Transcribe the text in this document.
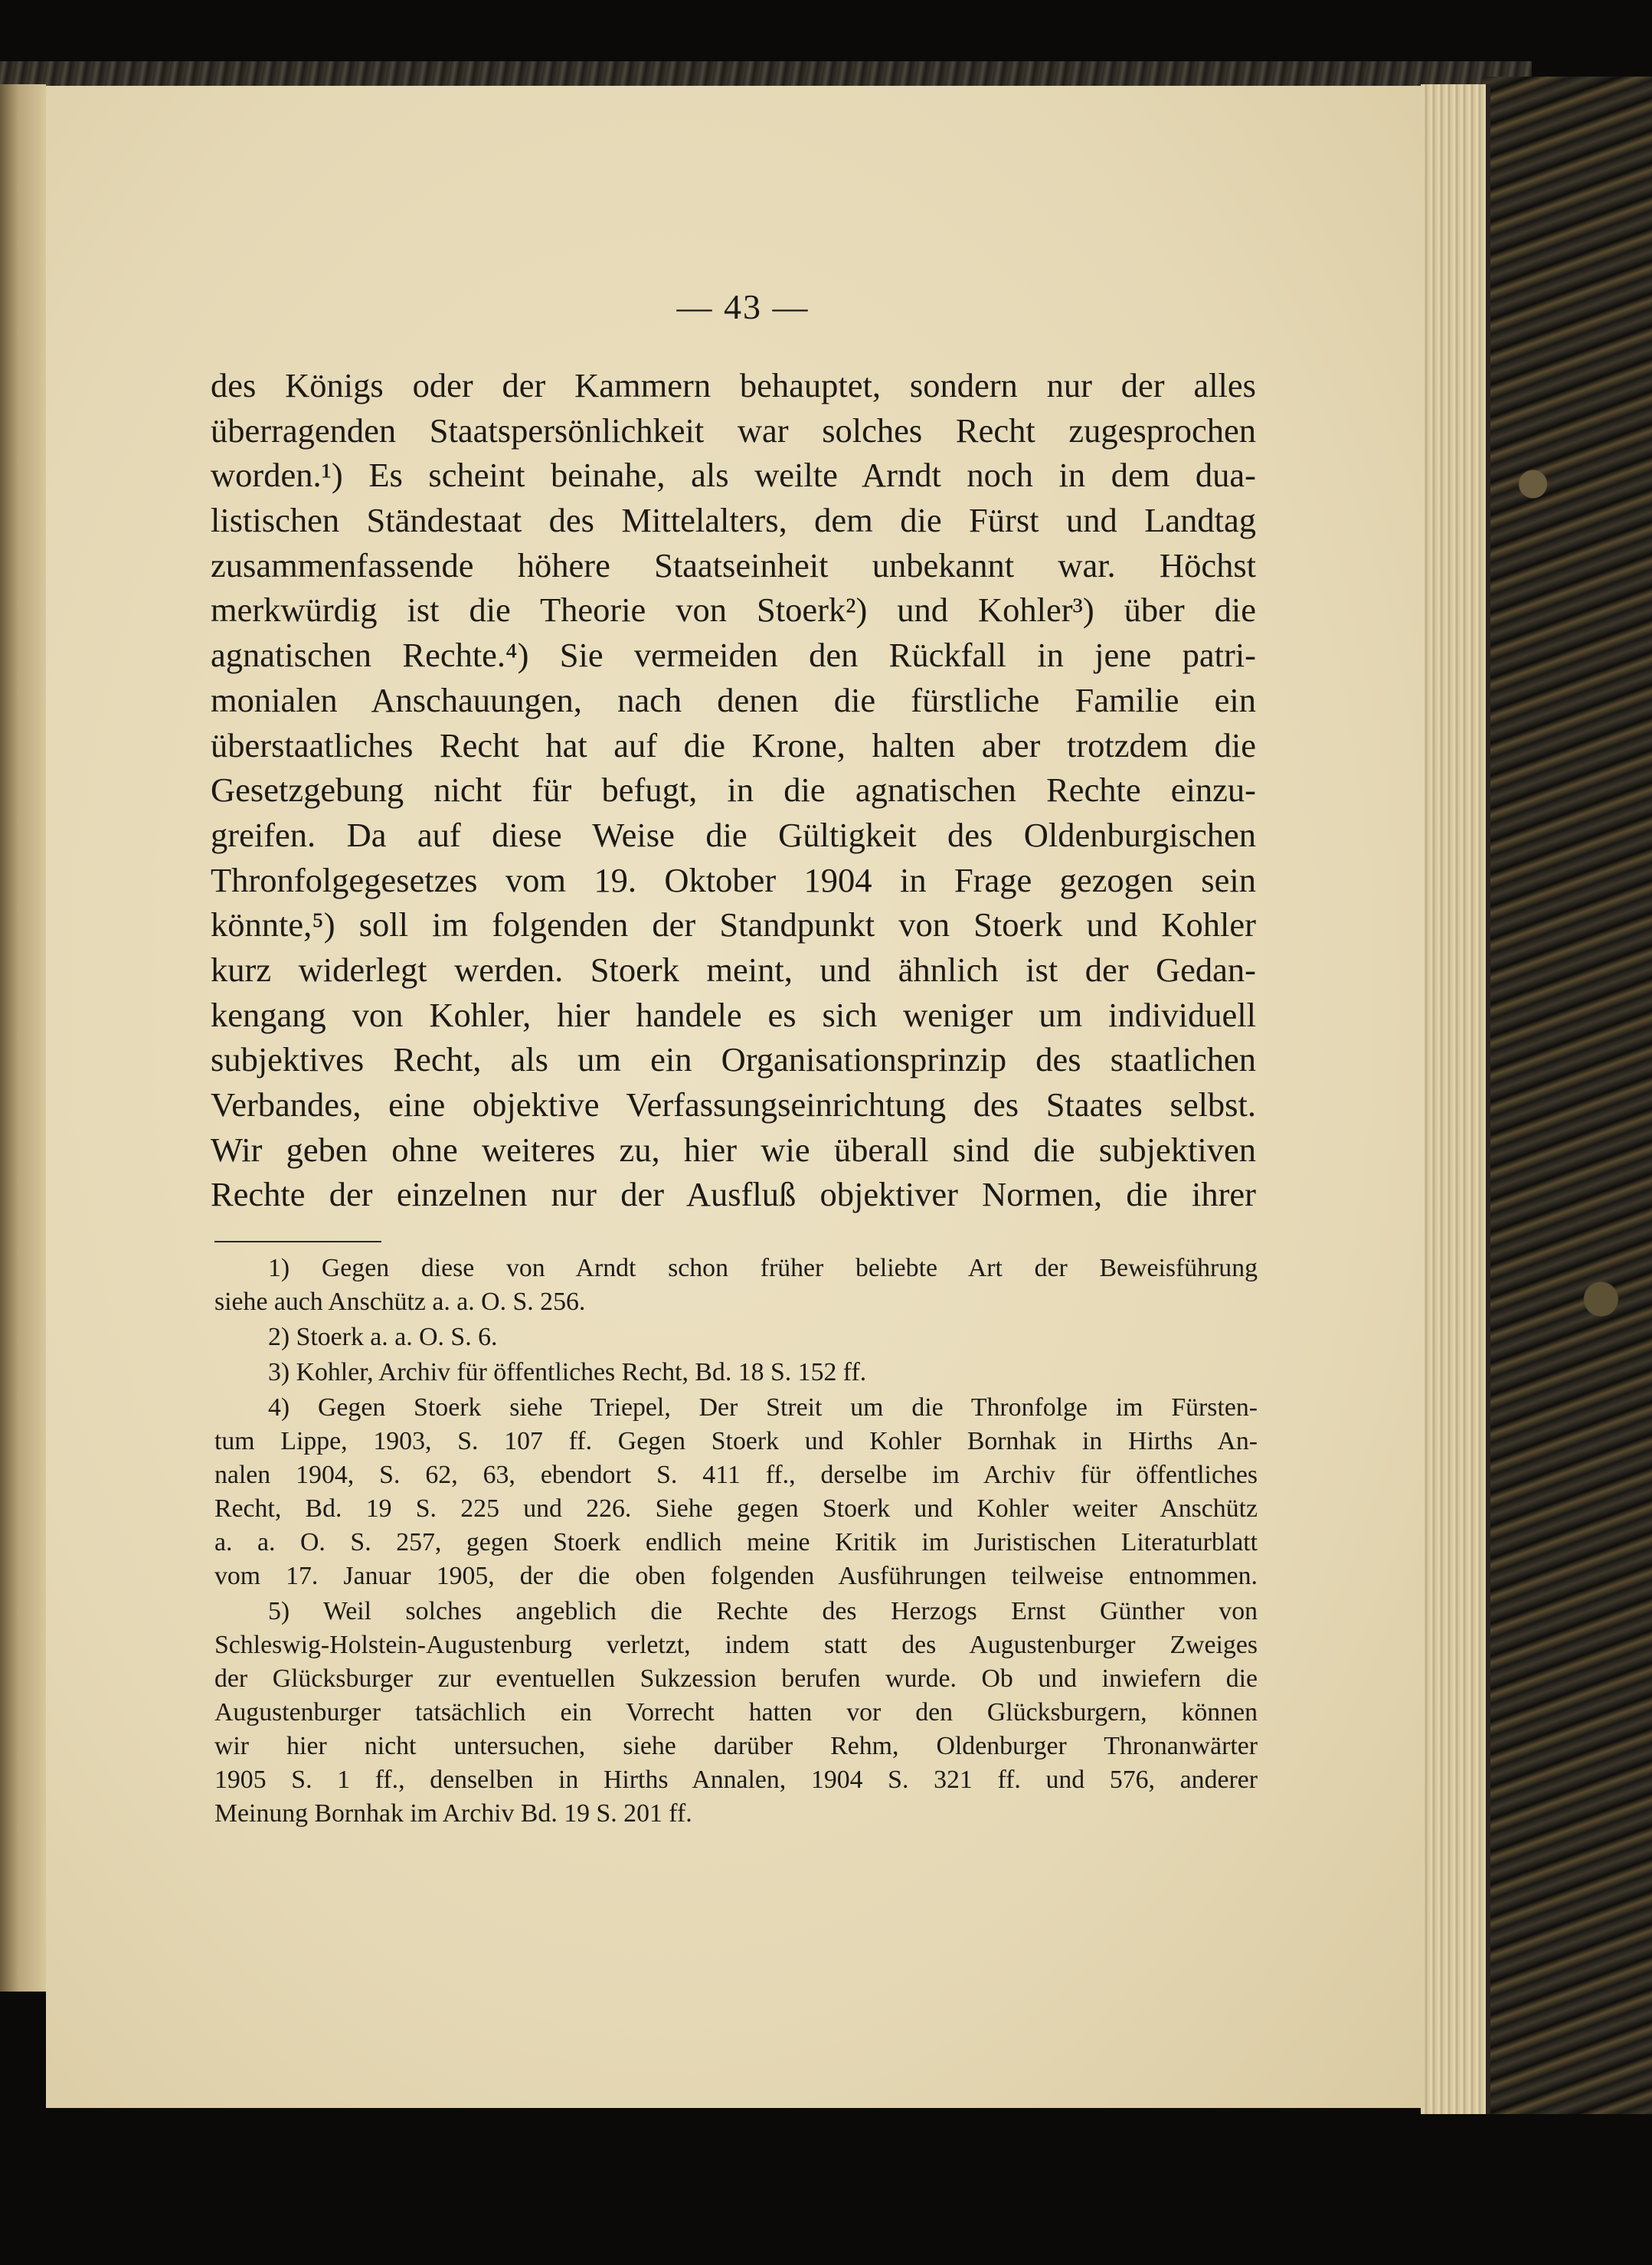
— 43 —
des Königs oder der Kammern behauptet, sondern nur der alles
überragenden Staatspersönlichkeit war solches Recht zugesprochen
worden.¹) Es scheint beinahe, als weilte Arndt noch in dem dua-
listischen Ständestaat des Mittelalters, dem die Fürst und Landtag
zusammenfassende höhere Staatseinheit unbekannt war. Höchst
merkwürdig ist die Theorie von Stoerk²) und Kohler³) über die
agnatischen Rechte.⁴) Sie vermeiden den Rückfall in jene patri-
monialen Anschauungen, nach denen die fürstliche Familie ein
überstaatliches Recht hat auf die Krone, halten aber trotzdem die
Gesetzgebung nicht für befugt, in die agnatischen Rechte einzu-
greifen. Da auf diese Weise die Gültigkeit des Oldenburgischen
Thronfolgegesetzes vom 19. Oktober 1904 in Frage gezogen sein
könnte,⁵) soll im folgenden der Standpunkt von Stoerk und Kohler
kurz widerlegt werden. Stoerk meint, und ähnlich ist der Gedan-
kengang von Kohler, hier handele es sich weniger um individuell
subjektives Recht, als um ein Organisationsprinzip des staatlichen
Verbandes, eine objektive Verfassungseinrichtung des Staates selbst.
Wir geben ohne weiteres zu, hier wie überall sind die subjektiven
Rechte der einzelnen nur der Ausfluß objektiver Normen, die ihrer
1) Gegen diese von Arndt schon früher beliebte Art der Beweisführung
siehe auch Anschütz a. a. O. S. 256.
2) Stoerk a. a. O. S. 6.
3) Kohler, Archiv für öffentliches Recht, Bd. 18 S. 152 ff.
4) Gegen Stoerk siehe Triepel, Der Streit um die Thronfolge im Fürsten-
tum Lippe, 1903, S. 107 ff. Gegen Stoerk und Kohler Bornhak in Hirths An-
nalen 1904, S. 62, 63, ebendort S. 411 ff., derselbe im Archiv für öffentliches
Recht, Bd. 19 S. 225 und 226. Siehe gegen Stoerk und Kohler weiter Anschütz
a. a. O. S. 257, gegen Stoerk endlich meine Kritik im Juristischen Literaturblatt
vom 17. Januar 1905, der die oben folgenden Ausführungen teilweise entnommen.
5) Weil solches angeblich die Rechte des Herzogs Ernst Günther von
Schleswig-Holstein-Augustenburg verletzt, indem statt des Augustenburger Zweiges
der Glücksburger zur eventuellen Sukzession berufen wurde. Ob und inwiefern die
Augustenburger tatsächlich ein Vorrecht hatten vor den Glücksburgern, können
wir hier nicht untersuchen, siehe darüber Rehm, Oldenburger Thronanwärter
1905 S. 1 ff., denselben in Hirths Annalen, 1904 S. 321 ff. und 576, anderer
Meinung Bornhak im Archiv Bd. 19 S. 201 ff.
